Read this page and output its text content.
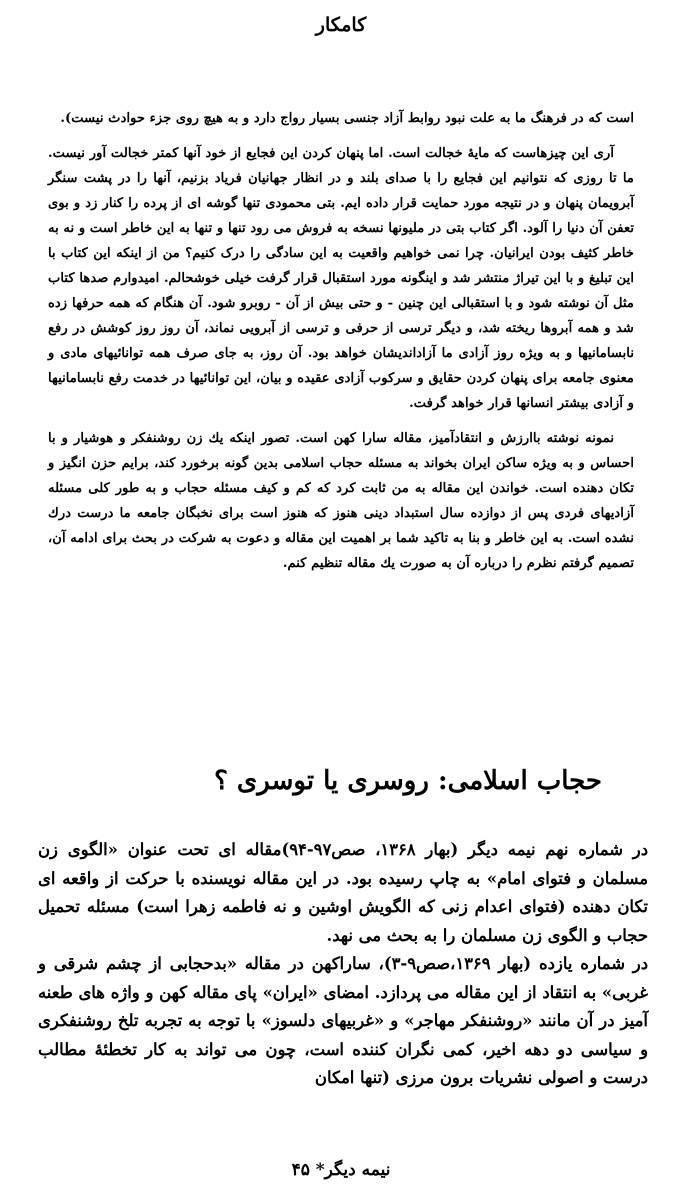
کامکار

است که در فرهنگ ما به علت نبود روابط آزاد جنسی بسیار رواج دارد و به هیچ روی جزء حوادث نیست).

آری این چیزهاست که مایهٔ خجالت است. اما پنهان کردن این فجایع از خود آنها کمتر خجالت آور نیست. ما تا روزی که نتوانیم این فجایع را با صدای بلند و در انظار جهانیان فریاد بزنیم، آنها را در پشت سنگر آبرویمان پنهان و در نتیجه مورد حمایت قرار داده ایم. بتی محمودی تنها گوشه ای از پرده را کنار زد و بوی تعفن آن دنیا را آلود. اگر کتاب بتی در ملیونها نسخه به فروش می رود تنها و تنها به این خاطر است و نه به خاطر کثیف بودن ایرانیان. چرا نمی خواهیم واقعیت به این سادگی را درک کنیم؟ من از اینکه این کتاب با این تبلیغ و با این تیراژ منتشر شد و اینگونه مورد استقبال قرار گرفت خیلی خوشحالم. امیدوارم صدها کتاب مثل آن نوشته شود و با استقبالی این چنین - و حتی بیش از آن - روبرو شود. آن هنگام که همه حرفها زده شد و همه آبروها ریخته شد، و دیگر ترسی از حرفی و ترسی از آبرویی نماند، آن روز روز کوشش در رفع نابسامانیها و به ویژه روز آزادی ما آزاداندیشان خواهد بود. آن روز، به جای صرف همه توانائیهای مادی و معنوی جامعه برای پنهان کردن حقایق و سرکوب آزادی عقیده و بیان، این توانائیها در خدمت رفع نابسامانیها و آزادی بیشتر انسانها قرار خواهد گرفت.

نمونه نوشته باارزش و انتقادآمیز، مقاله سارا کهن است. تصور اینکه یك زن روشنفکر و هوشیار و با احساس و به ویژه ساکن ایران بخواند به مسئله حجاب اسلامی بدین گونه برخورد کند، برایم حزن انگیز و تکان دهنده است. خواندن این مقاله به من ثابت کرد که کم و کیف مسئله حجاب و به طور کلی مسئله آزادیهای فردی پس از دوازده سال استبداد دینی هنوز که هنوز است برای نخبگان جامعه ما درست درك نشده است. به این خاطر و بنا به تاکید شما بر اهمیت این مقاله و دعوت به شرکت در بحث برای ادامه آن، تصمیم گرفتم نظرم را درباره آن به صورت یك مقاله تنظیم کنم.

حجاب اسلامی: روسری یا توسری ؟

در شماره نهم نیمه دیگر (بهار ۱۳۶۸، صص۹۷-۹۴)مقاله ای تحت عنوان «الگوی زن مسلمان و فتوای امام» به چاپ رسیده بود. در این مقاله نویسنده با حرکت از واقعه ای تکان دهنده (فتوای اعدام زنی که الگویش اوشین و نه فاطمه زهرا است) مسئله تحمیل حجاب و الگوی زن مسلمان را به بحث می نهد.

در شماره یازده (بهار ۱۳۶۹،صص۹-۳)، ساراکهن در مقاله «بدحجابی از چشم شرقی و غربی» به انتقاد از این مقاله می پردازد. امضای «ایران» پای مقاله کهن و واژه های طعنه آمیز در آن مانند «روشنفکر مهاجر» و «غربیهای دلسوز» با توجه به تجربه تلخ روشنفکری و سیاسی دو دهه اخیر، کمی نگران کننده است، چون می تواند به کار تخطئهٔ مطالب درست و اصولی نشریات برون مرزی (تنها امکان

نیمه دیگر* ۴۵
